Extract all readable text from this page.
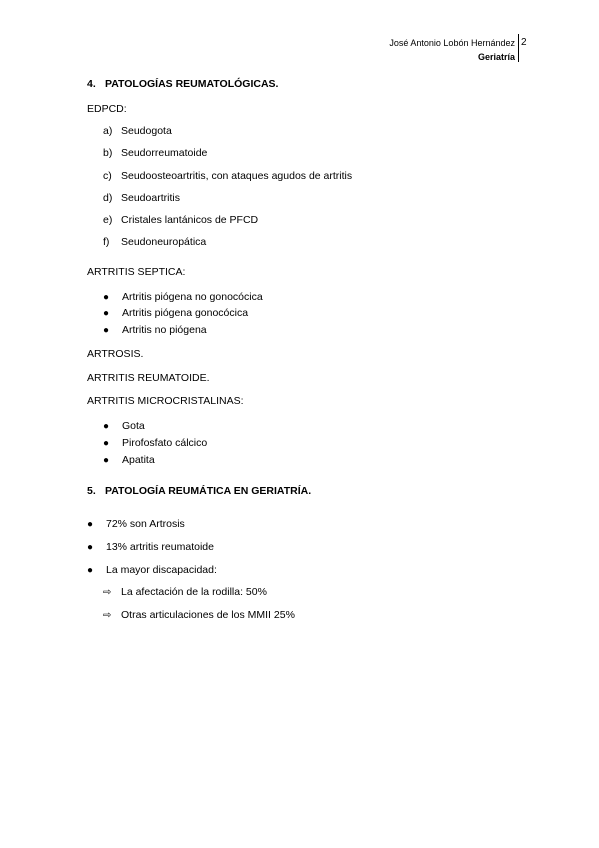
José Antonio Lobón Hernández
Geriatría
2
4. PATOLOGÍAS REUMATOLÓGICAS.
EDPCD:
a) Seudogota
b) Seudorreumatoide
c) Seudoosteoartritis, con ataques agudos de artritis
d) Seudoartritis
e) Cristales lantánicos de PFCD
f) Seudoneuropática
ARTRITIS SEPTICA:
● Artritis piógena no gonocócica
● Artritis piógena gonocócica
● Artritis no piógena
ARTROSIS.
ARTRITIS REUMATOIDE.
ARTRITIS MICROCRISTALINAS:
● Gota
● Pirofosfato cálcico
● Apatita
5. PATOLOGÍA REUMÁTICA EN GERIATRÍA.
● 72% son Artrosis
● 13% artritis reumatoide
● La mayor discapacidad:
⇨ La afectación de la rodilla: 50%
⇨ Otras articulaciones de los MMII 25%
